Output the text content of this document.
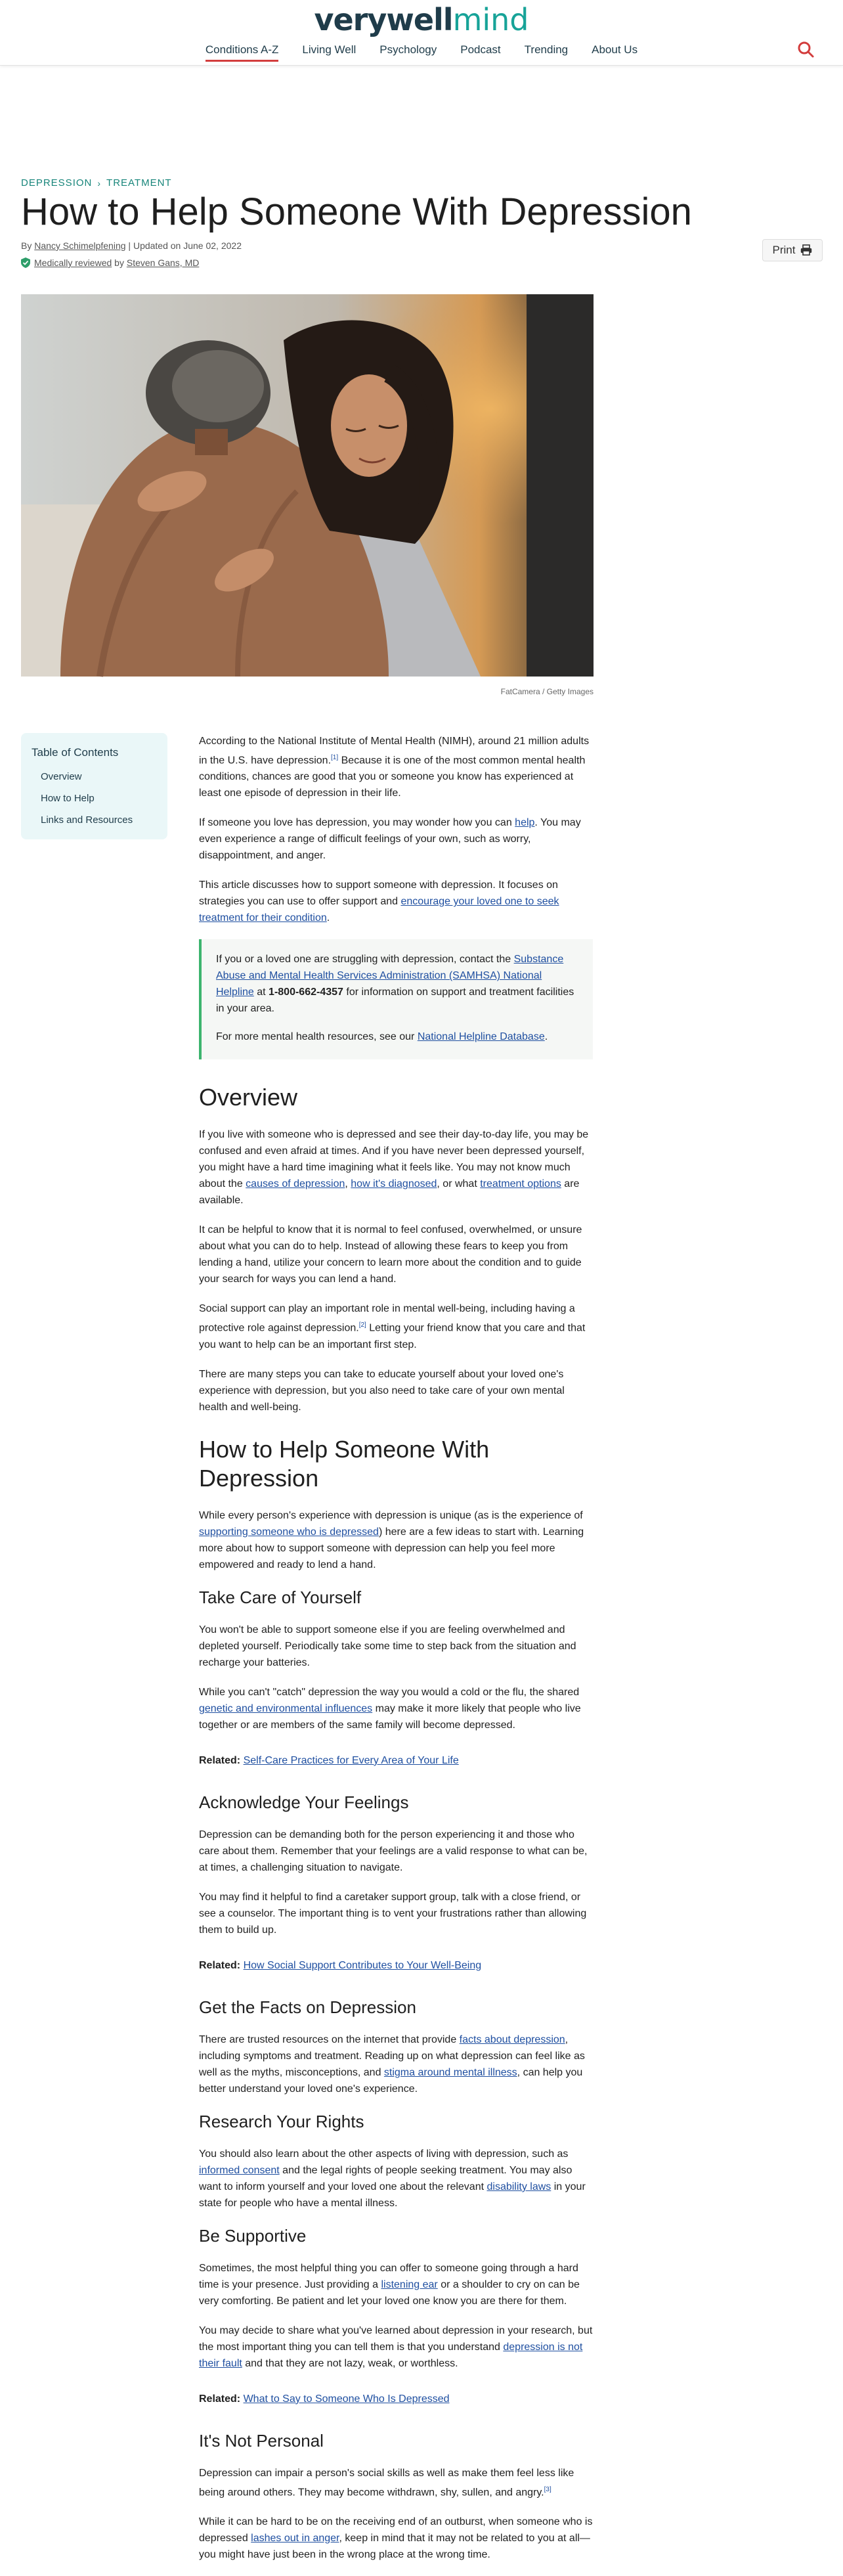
verywellmind
Conditions A-Z	Living Well	Psychology	Podcast	Trending	About Us
DEPRESSION › TREATMENT
How to Help Someone With Depression
By Nancy Schimelpfening | Updated on June 02, 2022
Medically reviewed by Steven Gans, MD
Print
FatCamera / Getty Images
Table of Contents
Overview
How to Help
Links and Resources

According to the National Institute of Mental Health (NIMH), around 21 million adults in the U.S. have depression.[1] Because it is one of the most common mental health conditions, chances are good that you or someone you know has experienced at least one episode of depression in their life.

If someone you love has depression, you may wonder how you can help. You may even experience a range of difficult feelings of your own, such as worry, disappointment, and anger.

This article discusses how to support someone with depression. It focuses on strategies you can use to offer support and encourage your loved one to seek treatment for their condition.

If you or a loved one are struggling with depression, contact the Substance Abuse and Mental Health Services Administration (SAMHSA) National Helpline at 1-800-662-4357 for information on support and treatment facilities in your area.

For more mental health resources, see our National Helpline Database.

Overview

If you live with someone who is depressed and see their day-to-day life, you may be confused and even afraid at times. And if you have never been depressed yourself, you might have a hard time imagining what it feels like. You may not know much about the causes of depression, how it's diagnosed, or what treatment options are available.

It can be helpful to know that it is normal to feel confused, overwhelmed, or unsure about what you can do to help. Instead of allowing these fears to keep you from lending a hand, utilize your concern to learn more about the condition and to guide your search for ways you can lend a hand.

Social support can play an important role in mental well-being, including having a protective role against depression.[2] Letting your friend know that you care and that you want to help can be an important first step.

There are many steps you can take to educate yourself about your loved one's experience with depression, but you also need to take care of your own mental health and well-being.

How to Help Someone With Depression

While every person's experience with depression is unique (as is the experience of supporting someone who is depressed) here are a few ideas to start with. Learning more about how to support someone with depression can help you feel more empowered and ready to lend a hand.

Take Care of Yourself

You won't be able to support someone else if you are feeling overwhelmed and depleted yourself. Periodically take some time to step back from the situation and recharge your batteries.

While you can't "catch" depression the way you would a cold or the flu, the shared genetic and environmental influences may make it more likely that people who live together or are members of the same family will become depressed.

Related: Self-Care Practices for Every Area of Your Life
Acknowledge Your Feelings

Depression can be demanding both for the person experiencing it and those who care about them. Remember that your feelings are a valid response to what can be, at times, a challenging situation to navigate.

You may find it helpful to find a caretaker support group, talk with a close friend, or see a counselor. The important thing is to vent your frustrations rather than allowing them to build up.

Related: How Social Support Contributes to Your Well-Being
Get the Facts on Depression

There are trusted resources on the internet that provide facts about depression, including symptoms and treatment. Reading up on what depression can feel like as well as the myths, misconceptions, and stigma around mental illness, can help you better understand your loved one's experience.

Research Your Rights

You should also learn about the other aspects of living with depression, such as informed consent and the legal rights of people seeking treatment. You may also want to inform yourself and your loved one about the relevant disability laws in your state for people who have a mental illness.

Be Supportive

Sometimes, the most helpful thing you can offer to someone going through a hard time is your presence. Just providing a listening ear or a shoulder to cry on can be very comforting. Be patient and let your loved one know you are there for them.

You may decide to share what you've learned about depression in your research, but the most important thing you can tell them is that you understand depression is not their fault and that they are not lazy, weak, or worthless.

Related: What to Say to Someone Who Is Depressed
It's Not Personal

Depression can impair a person's social skills as well as make them feel less like being around others. They may become withdrawn, shy, sullen, and angry.[3]

While it can be hard to be on the receiving end of an outburst, when someone who is depressed lashes out in anger, keep in mind that it may not be related to you at all—you might have just been in the wrong place at the wrong time.
